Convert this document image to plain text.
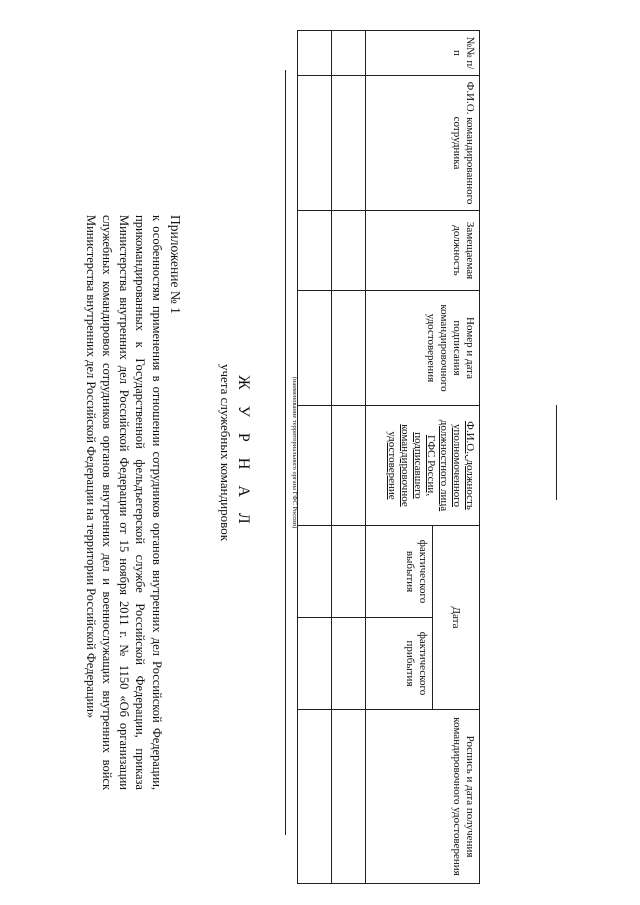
Приложение № 1
к особенностям применения в отношении сотрудников органов внутренних дел Российской Федерации, прикомандированных к Государственной фельдъегерской службе Российской Федерации, приказа Министерства внутренних дел Российской Федерации от 15 ноября 2011 г. № 1150 «Об организации служебных командировок сотрудников органов внутренних дел и военнослужащих внутренних войск Министерства внутренних дел Российской Федерации на территории Российской Федерации»	Ж У Р Н А Л
учета служебных командировок	(наименование территориального органа ГФС России)
№№ п/п	Ф.И.О. командированного сотрудника	Замещаемая должность	Номер и дата подписания командировочного удостоверения	Ф.И.О., должность уполномоченного должностного лица ГФС России, подписавшего командировочное удостоверение	Дата		Роспись и дата получения командировочного удостоверения
					фактического выбытия	фактического прибытия	
